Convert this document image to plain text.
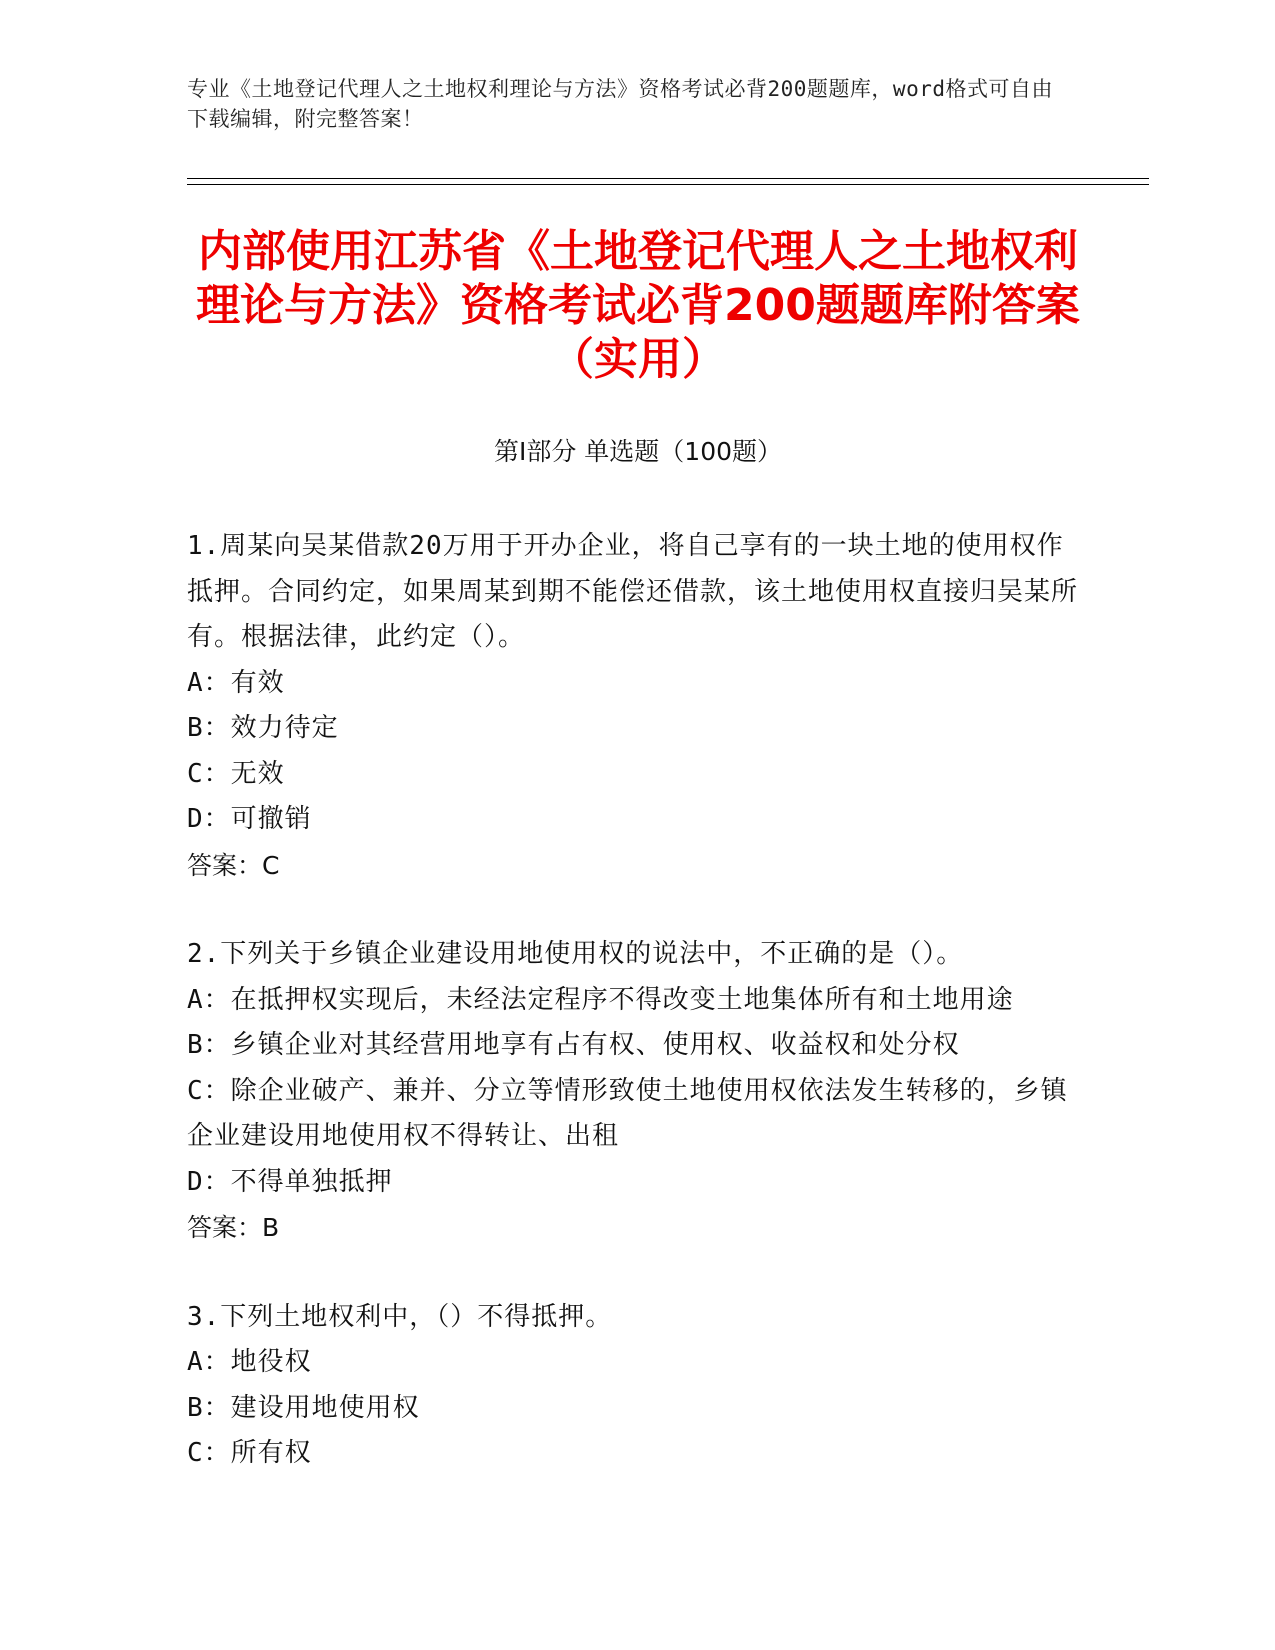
专业《土地登记代理人之土地权利理论与方法》资格考试必背200题题库，word格式可自由下载编辑，附完整答案！
内部使用江苏省《土地登记代理人之土地权利理论与方法》资格考试必背200题题库附答案（实用）
第I部分 单选题（100题）
1.周某向吴某借款20万用于开办企业，将自己享有的一块土地的使用权作抵押。合同约定，如果周某到期不能偿还借款，该土地使用权直接归吴某所有。根据法律，此约定（）。
A：有效
B：效力待定
C：无效
D：可撤销
答案：C
2.下列关于乡镇企业建设用地使用权的说法中，不正确的是（）。
A：在抵押权实现后，未经法定程序不得改变土地集体所有和土地用途
B：乡镇企业对其经营用地享有占有权、使用权、收益权和处分权
C：除企业破产、兼并、分立等情形致使土地使用权依法发生转移的，乡镇企业建设用地使用权不得转让、出租
D：不得单独抵押
答案：B
3.下列土地权利中，（）不得抵押。
A：地役权
B：建设用地使用权
C：所有权
